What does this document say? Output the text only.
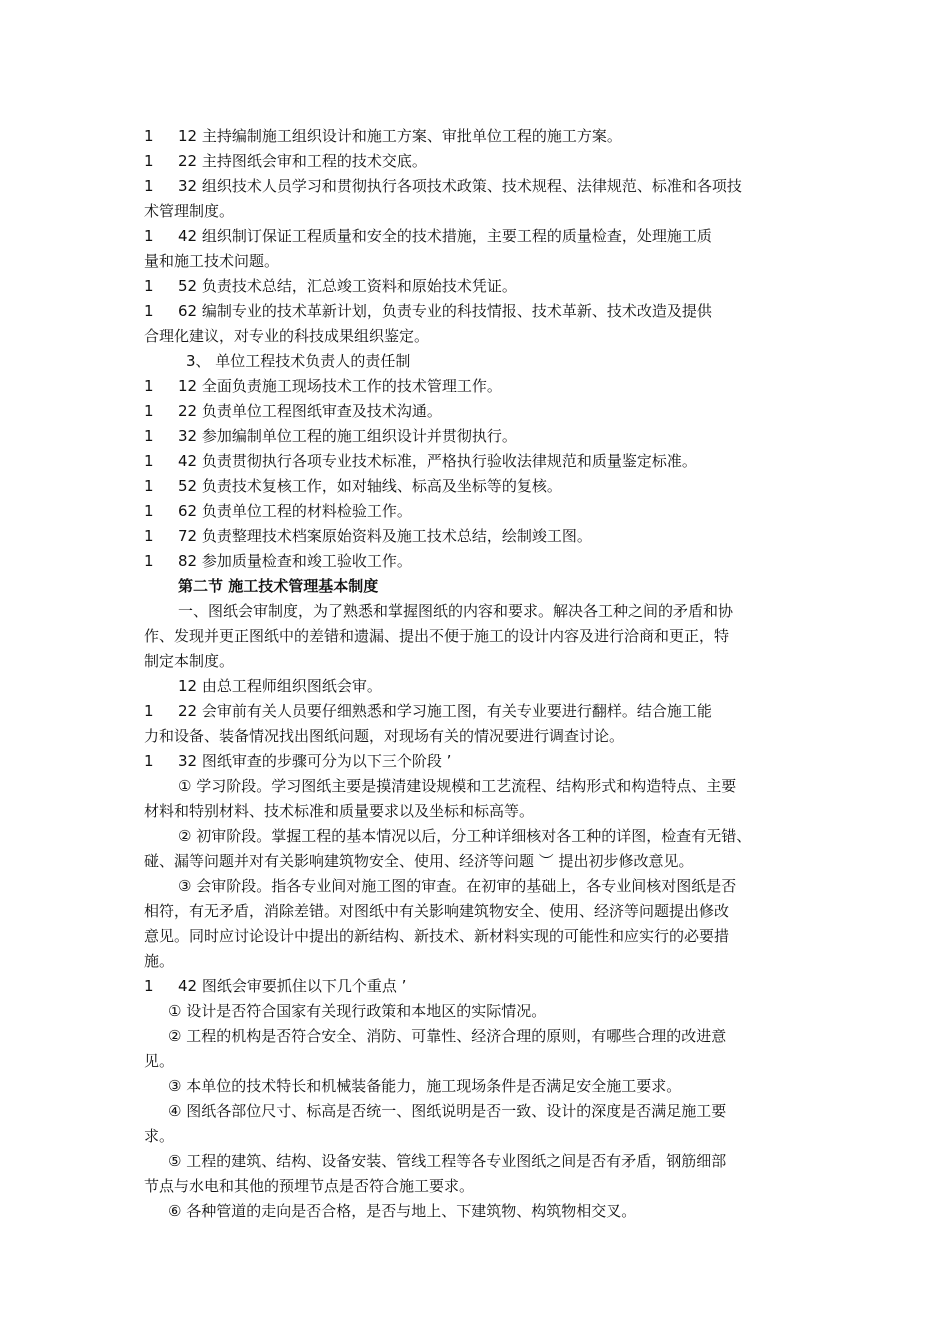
1 12 主持编制施工组织设计和施工方案、审批单位工程的施工方案。
1 22 主持图纸会审和工程的技术交底。
1 32 组织技术人员学习和贯彻执行各项技术政策、技术规程、法律规范、标准和各项技
术管理制度。
1 42 组织制订保证工程质量和安全的技术措施，主要工程的质量检查，处理施工质
量和施工技术问题。
1 52 负责技术总结，汇总竣工资料和原始技术凭证。
1 62 编制专业的技术革新计划，负责专业的科技情报、技术革新、技术改造及提供
合理化建议，对专业的科技成果组织鉴定。
3、 单位工程技术负责人的责任制
1 12 全面负责施工现场技术工作的技术管理工作。
1 22 负责单位工程图纸审查及技术沟通。
1 32 参加编制单位工程的施工组织设计并贯彻执行。
1 42 负责贯彻执行各项专业技术标准，严格执行验收法律规范和质量鉴定标准。
1 52 负责技术复核工作，如对轴线、标高及坐标等的复核。
1 62 负责单位工程的材料检验工作。
1 72 负责整理技术档案原始资料及施工技术总结，绘制竣工图。
1 82 参加质量检查和竣工验收工作。
第二节 施工技术管理基本制度
一、图纸会审制度，为了熟悉和掌握图纸的内容和要求。解决各工种之间的矛盾和协
作、发现并更正图纸中的差错和遗漏、提出不便于施工的设计内容及进行洽商和更正，特
制定本制度。
12 由总工程师组织图纸会审。
1 22 会审前有关人员要仔细熟悉和学习施工图，有关专业要进行翻样。结合施工能
力和设备、装备情况找出图纸问题，对现场有关的情况要进行调查讨论。
1 32 图纸审查的步骤可分为以下三个阶段 ’
① 学习阶段。学习图纸主要是摸清建设规模和工艺流程、结构形式和构造特点、主要
材料和特别材料、技术标准和质量要求以及坐标和标高等。
② 初审阶段。掌握工程的基本情况以后，分工种详细核对各工种的详图，检查有无错、
碰、漏等问题并对有关影响建筑物安全、使用、经济等问题 ︶ 提出初步修改意见。
③ 会审阶段。指各专业间对施工图的审查。在初审的基础上，各专业间核对图纸是否
相符，有无矛盾，消除差错。对图纸中有关影响建筑物安全、使用、经济等问题提出修改
意见。同时应讨论设计中提出的新结构、新技术、新材料实现的可能性和应实行的必要措
施。
1 42 图纸会审要抓住以下几个重点 ’
① 设计是否符合国家有关现行政策和本地区的实际情况。
② 工程的机构是否符合安全、消防、可靠性、经济合理的原则，有哪些合理的改进意
见。
③ 本单位的技术特长和机械装备能力，施工现场条件是否满足安全施工要求。
④ 图纸各部位尺寸、标高是否统一、图纸说明是否一致、设计的深度是否满足施工要
求。
⑤ 工程的建筑、结构、设备安装、管线工程等各专业图纸之间是否有矛盾，钢筋细部
节点与水电和其他的预埋节点是否符合施工要求。
⑥ 各种管道的走向是否合格，是否与地上、下建筑物、构筑物相交叉。
